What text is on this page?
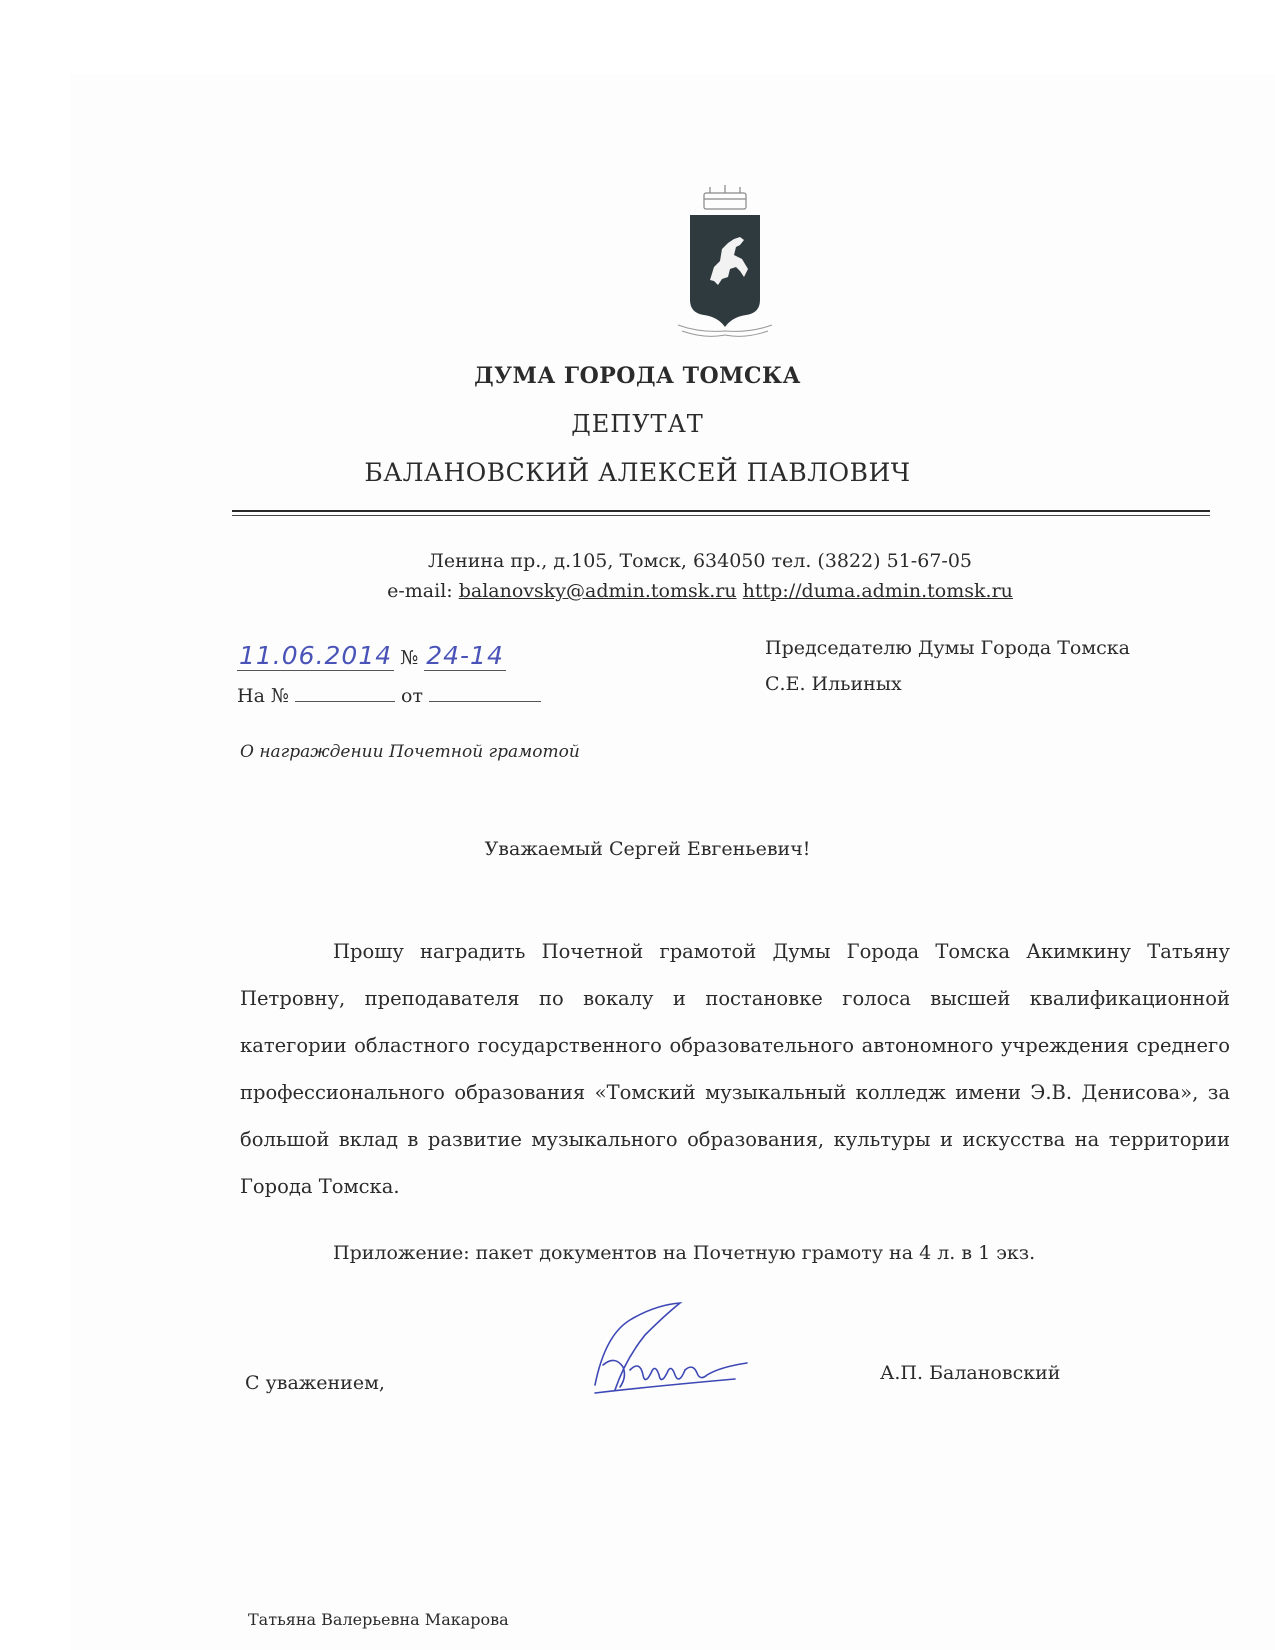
ДУМА ГОРОДА ТОМСКА
ДЕПУТАТ
БАЛАНОВСКИЙ АЛЕКСЕЙ ПАВЛОВИЧ
Ленина пр., д.105, Томск, 634050 тел. (3822) 51-67-05
e-mail: balanovsky@admin.tomsk.ru http://duma.admin.tomsk.ru
11.06.2014 № 24-14
На №	от
Председателю Думы Города Томска
С.Е. Ильиных
О награждении Почетной грамотой
Уважаемый Сергей Евгеньевич!
Прошу наградить Почетной грамотой Думы Города Томска Акимкину Татьяну Петровну, преподавателя по вокалу и постановке голоса высшей квалификационной категории областного государственного образовательного автономного учреждения среднего профессионального образования «Томский музыкальный колледж имени Э.В. Денисова», за большой вклад в развитие музыкального образования, культуры и искусства на территории Города Томска.
Приложение: пакет документов на Почетную грамоту на 4 л. в 1 экз.
С уважением,	А.П. Балановский
Татьяна Валерьевна Макарова
